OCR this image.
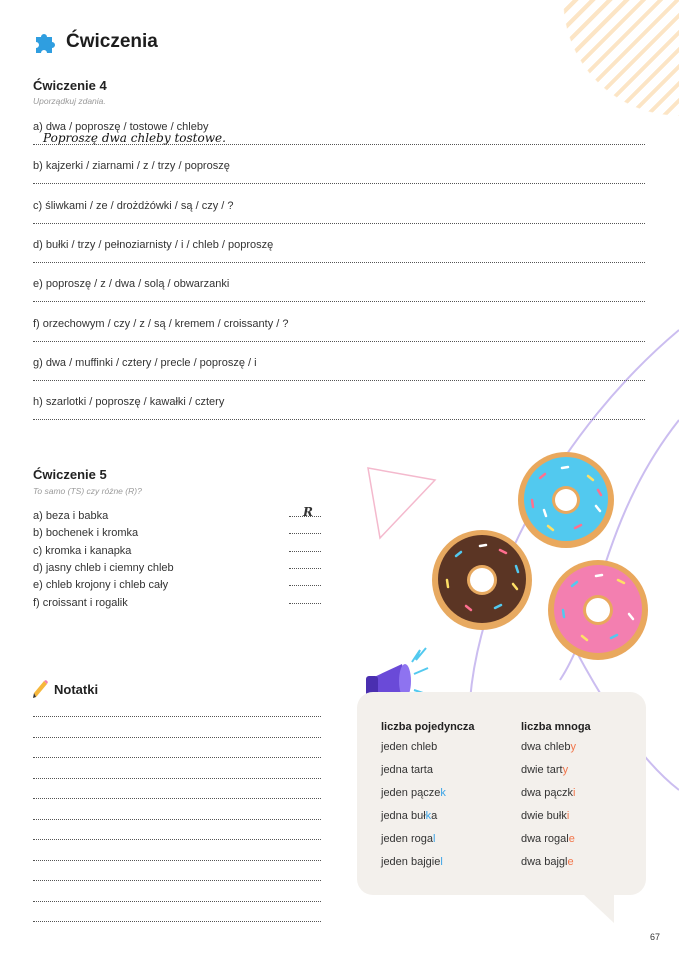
Ćwiczenia
Ćwiczenie 4
Uporządkuj zdania.
a) dwa / poproszę / tostowe / chleby
Poproszę dwa chleby tostowe.
b) kajzerki / ziarnami / z / trzy / poproszę
c) śliwkami / ze / drożdżówki / są / czy / ?
d) bułki / trzy / pełnoziarnisty / i / chleb / poproszę
e) poproszę / z / dwa / solą / obwarzanki
f) orzechowym / czy / z / są / kremem / croissanty / ?
g) dwa / muffinki / cztery / precle / poproszę / i
h) szarlotki / poproszę / kawałki / cztery
Ćwiczenie 5
To samo (TS) czy różne (R)?
a) beza i babka	R
b) bochenek i kromka
c) kromka i kanapka
d) jasny chleb i ciemny chleb
e) chleb krojony i chleb cały
f) croissant i rogalik
Notatki
liczba pojedyncza
jeden chleb
jedna tarta
jeden pączek
jedna bułka
jeden rogal
jeden bajgiel
liczba mnoga
dwa chleby
dwie tarty
dwa pączki
dwie bułki
dwa rogale
dwa bajgle
67
